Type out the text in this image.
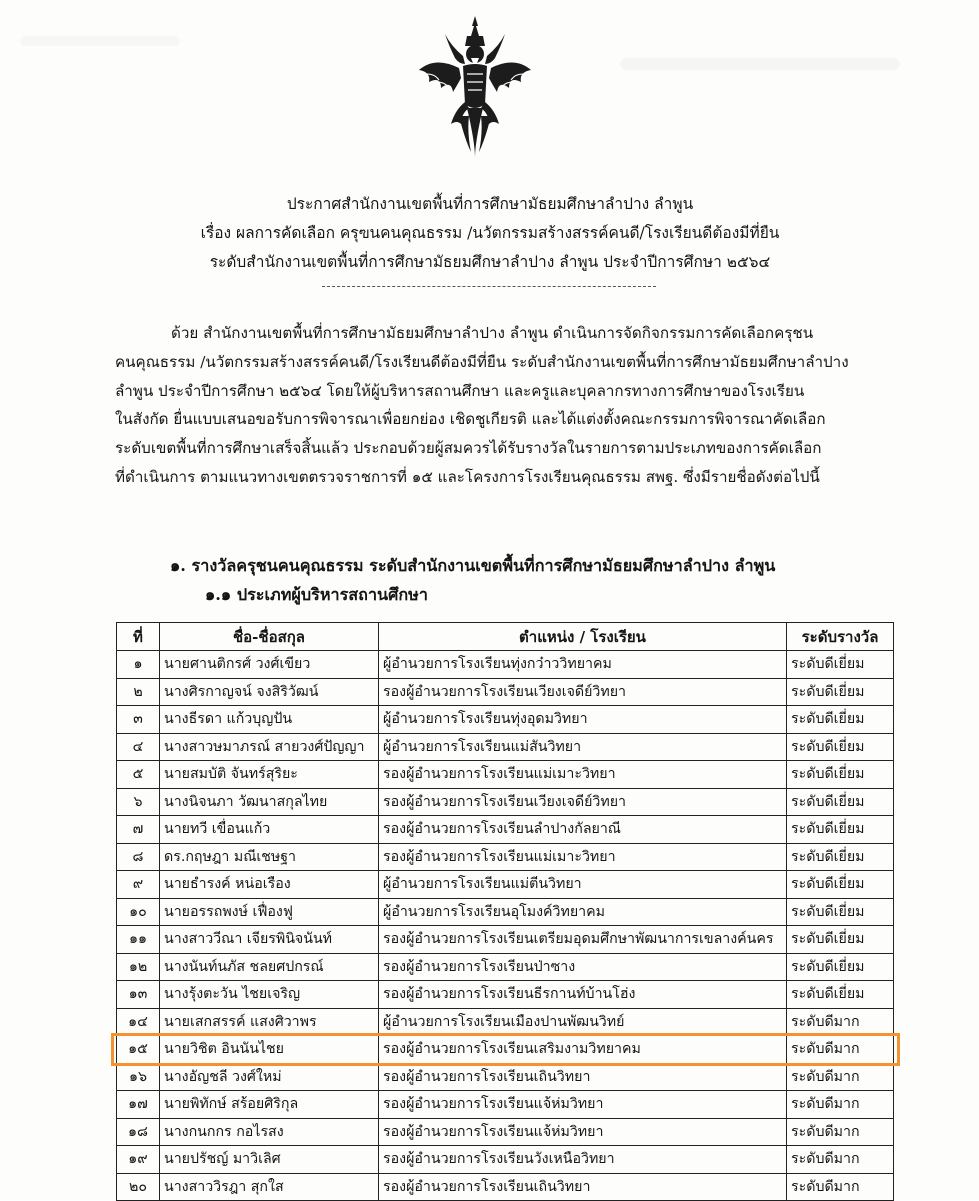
ประกาศสำนักงานเขตพื้นที่การศึกษามัธยมศึกษาลำปาง ลำพูน
เรื่อง ผลการคัดเลือก ครุฃนคนคุณธรรม /นวัตกรรมสร้างสรรค์คนดี/โรงเรียนดีต้องมีที่ยืน
ระดับสำนักงานเขตพื้นที่การศึกษามัธยมศึกษาลำปาง ลำพูน ประจำปีการศึกษา ๒๕๖๔
ด้วย สำนักงานเขตพื้นที่การศึกษามัธยมศึกษาลำปาง ลำพูน ดำเนินการจัดกิจกรรมการคัดเลือกครุชน
คนคุณธรรม /นวัตกรรมสร้างสรรค์คนดี/โรงเรียนดีต้องมีที่ยืน ระดับสำนักงานเขตพื้นที่การศึกษามัธยมศึกษาลำปาง
ลำพูน ประจำปีการศึกษา ๒๕๖๔ โดยให้ผู้บริหารสถานศึกษา และครูและบุคลากรทางการศึกษาของโรงเรียน
ในสังกัด ยื่นแบบเสนอขอรับการพิจารณาเพื่อยกย่อง เชิดชูเกียรติ และได้แต่งตั้งคณะกรรมการพิจารณาคัดเลือก
ระดับเขตพื้นที่การศึกษาเสร็จสิ้นแล้ว ประกอบด้วยผู้สมควรได้รับรางวัลในรายการตามประเภทของการคัดเลือก
ที่ดำเนินการ ตามแนวทางเขตตรวจราชการที่ ๑๕ และโครงการโรงเรียนคุณธรรม สพฐ. ซึ่งมีรายชื่อดังต่อไปนี้
๑. รางวัลครุชนคนคุณธรรม ระดับสำนักงานเขตพื้นที่การศึกษามัธยมศึกษาลำปาง ลำพูน
๑.๑ ประเภทผู้บริหารสถานศึกษา
ที่	ชื่อ-ชื่อสกุล	ตำแหน่ง / โรงเรียน	ระดับรางวัล
๑	นายศานติกรศ์ วงศ์เขียว	ผู้อำนวยการโรงเรียนทุ่งกว๋าววิทยาคม	ระดับดีเยี่ยม
๒	นางศิรกาญจน์ จงสิริวัฒน์	รองผู้อำนวยการโรงเรียนเวียงเจดีย์วิทยา	ระดับดีเยี่ยม
๓	นางธีรดา แก้วบุญปัน	ผู้อำนวยการโรงเรียนทุ่งอุดมวิทยา	ระดับดีเยี่ยม
๔	นางสาวษมาภรณ์ สายวงศ์ปัญญา	ผู้อำนวยการโรงเรียนแม่สันวิทยา	ระดับดีเยี่ยม
๕	นายสมบัติ จันทร์สุริยะ	รองผู้อำนวยการโรงเรียนแม่เมาะวิทยา	ระดับดีเยี่ยม
๖	นางนิจนภา วัฒนาสกุลไทย	รองผู้อำนวยการโรงเรียนเวียงเจดีย์วิทยา	ระดับดีเยี่ยม
๗	นายทวี เขื่อนแก้ว	รองผู้อำนวยการโรงเรียนลำปางกัลยาณี	ระดับดีเยี่ยม
๘	ดร.กฤษฎา มณีเชษฐา	รองผู้อำนวยการโรงเรียนแม่เมาะวิทยา	ระดับดีเยี่ยม
๙	นายธำรงค์ หน่อเรือง	ผู้อำนวยการโรงเรียนแม่ตีนวิทยา	ระดับดีเยี่ยม
๑๐	นายอรรถพงษ์ เฟื่องฟู	ผู้อำนวยการโรงเรียนอุโมงค์วิทยาคม	ระดับดีเยี่ยม
๑๑	นางสาววีณา เจียรพินิจนันท์	รองผู้อำนวยการโรงเรียนเตรียมอุดมศึกษาพัฒนาการเขลางค์นคร	ระดับดีเยี่ยม
๑๒	นางนันท์นภัส ชลยศปกรณ์	รองผู้อำนวยการโรงเรียนป่าซาง	ระดับดีเยี่ยม
๑๓	นางรุ้งตะวัน ไชยเจริญ	รองผู้อำนวยการโรงเรียนธีรกานท์บ้านโฮ่ง	ระดับดีเยี่ยม
๑๔	นายเสกสรรค์ แสงศิวาพร	ผู้อำนวยการโรงเรียนเมืองปานพัฒนวิทย์	ระดับดีมาก
๑๕	นายวิชิต อินนันไชย	รองผู้อำนวยการโรงเรียนเสริมงามวิทยาคม	ระดับดีมาก
๑๖	นางอัญชลี วงศ์ใหม่	รองผู้อำนวยการโรงเรียนเถินวิทยา	ระดับดีมาก
๑๗	นายพิทักษ์ สร้อยศิริกุล	รองผู้อำนวยการโรงเรียนแจ้ห่มวิทยา	ระดับดีมาก
๑๘	นางกนกกร กอไรสง	รองผู้อำนวยการโรงเรียนแจ้ห่มวิทยา	ระดับดีมาก
๑๙	นายปรัชญ์ มาวิเลิศ	รองผู้อำนวยการโรงเรียนวังเหนือวิทยา	ระดับดีมาก
๒๐	นางสาววิรฎา สุกใส	รองผู้อำนวยการโรงเรียนเถินวิทยา	ระดับดีมาก
